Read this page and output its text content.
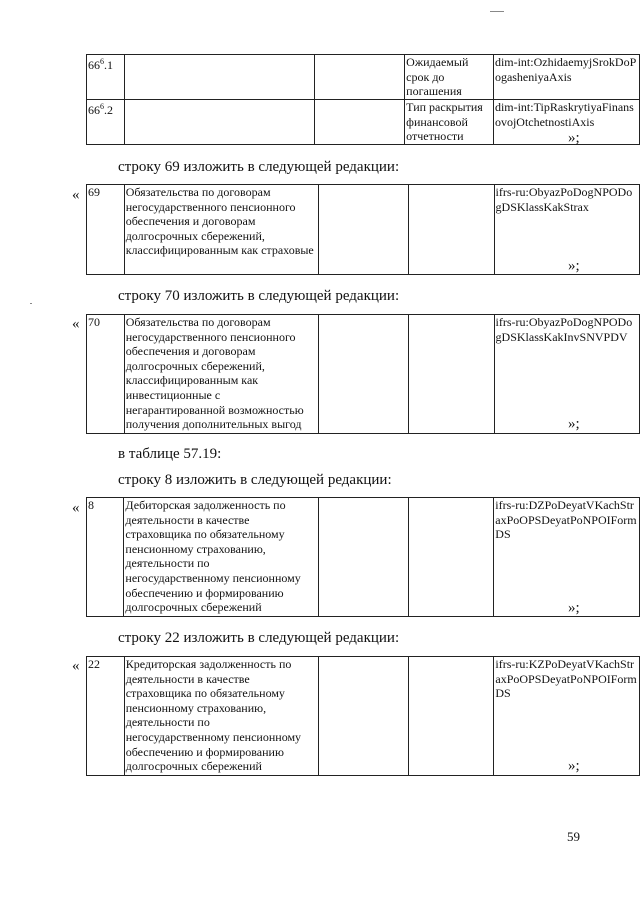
$66^6.1$			Ожидаемый срок до погашения	dim-int:OzhidaemyjSrokDoPogasheniyaAxis
$66^6.2$			Тип раскрытия финансовой отчетности	dim-int:TipRaskrytiyaFinansovojOtchetnostiAxis
»;
строку 69 изложить в следующей редакции:
« 69	Обязательства по договорам негосударственного пенсионного обеспечения и договорам долгосрочных сбережений, классифицированным как страховые			ifrs-ru:ObyazPoDogNPODogDSKlassKakStrax
»;
строку 70 изложить в следующей редакции:
« 70	Обязательства по договорам негосударственного пенсионного обеспечения и договорам долгосрочных сбережений, классифицированным как инвестиционные с негарантированной возможностью получения дополнительных выгод			ifrs-ru:ObyazPoDogNPODogDSKlassKakInvSNVPDV
»;
в таблице 57.19:
строку 8 изложить в следующей редакции:
« 8	Дебиторская задолженность по деятельности в качестве страховщика по обязательному пенсионному страхованию, деятельности по негосударственному пенсионному обеспечению и формированию долгосрочных сбережений			ifrs-ru:DZPoDeyatVKachStraxPoOPSDeyatPoNPOIFormDS
»;
строку 22 изложить в следующей редакции:
« 22	Кредиторская задолженность по деятельности в качестве страховщика по обязательному пенсионному страхованию, деятельности по негосударственному пенсионному обеспечению и формированию долгосрочных сбережений			ifrs-ru:KZPoDeyatVKachStraxPoOPSDeyatPoNPOIFormDS
»;
59
